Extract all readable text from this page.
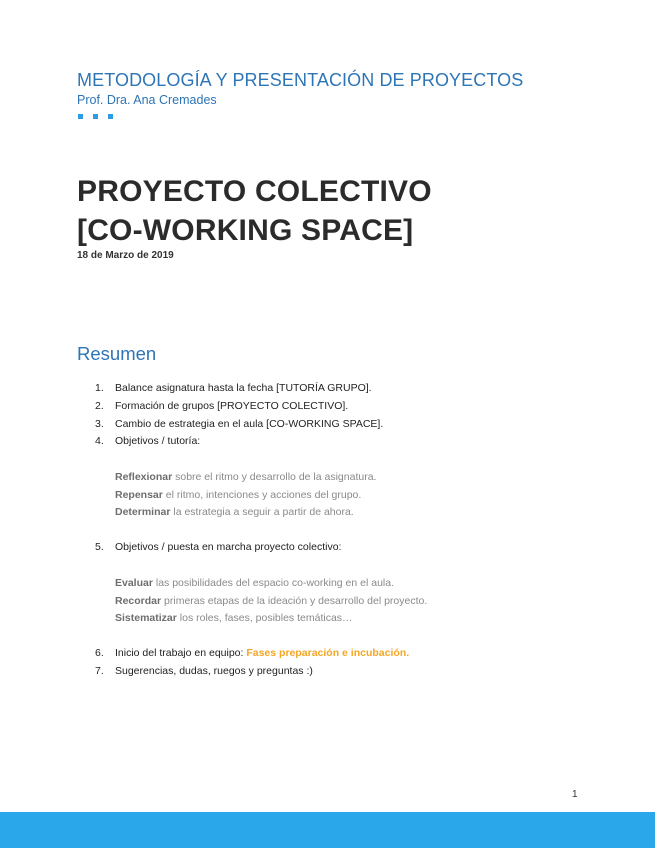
METODOLOGÍA Y PRESENTACIÓN DE PROYECTOS
Prof. Dra. Ana Cremades
PROYECTO COLECTIVO
[CO-WORKING SPACE]
18 de Marzo de 2019
Resumen
1. Balance asignatura hasta la fecha [TUTORÍA GRUPO].
2. Formación de grupos [PROYECTO COLECTIVO].
3. Cambio de estrategia en el aula [CO-WORKING SPACE].
4. Objetivos / tutoría:
Reflexionar sobre el ritmo y desarrollo de la asignatura.
Repensar el ritmo, intenciones y acciones del grupo.
Determinar la estrategia a seguir a partir de ahora.
5. Objetivos / puesta en marcha proyecto colectivo:
Evaluar las posibilidades del espacio co-working en el aula.
Recordar primeras etapas de la ideación y desarrollo del proyecto.
Sistematizar los roles, fases, posibles temáticas…
6. Inicio del trabajo en equipo: Fases preparación e incubación.
7. Sugerencias, dudas, ruegos y preguntas :)
1
